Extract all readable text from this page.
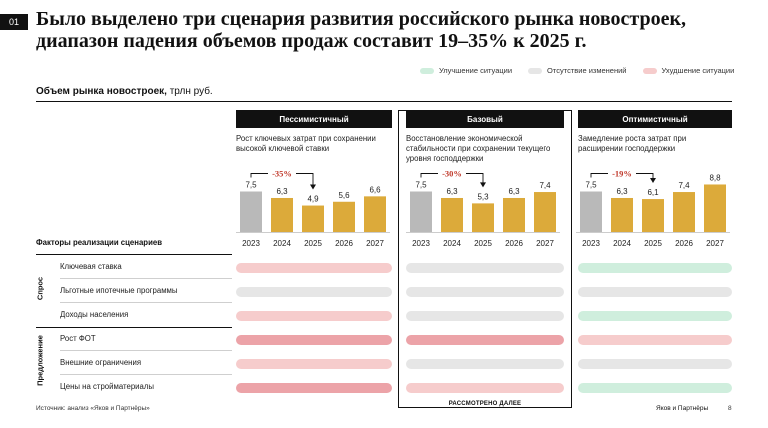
01 Было выделено три сценария развития российского рынка новостроек, диапазон падения объемов продаж составит 19–35% к 2025 г.
Улучшение ситуации	Отсутствие изменений	Ухудшение ситуации
Объем рынка новостроек, трлн руб.
Пессимистичный	Базовый	Оптимистичный
Рост ключевых затрат при сохранении высокой ключевой ставки
Восстановление экономической стабильности при сохранении текущего уровня господдержки
Замедление роста затрат при расширении господдержки
7,5
2023
6,3
2024
4,9
2025
5,6
2026
6,6
2027
-35%
7,5
2023
6,3
2024
5,3
2025
6,3
2026
7,4
2027
-30%
7,5
2023
6,3
2024
6,1
2025
7,4
2026
8,8
2027
-19%
Факторы реализации сценариев
Спрос
Предложение
Ключевая ставка
Льготные ипотечные программы
Доходы населения
Рост ФОТ
Внешние ограничения
Цены на стройматериалы
РАССМОТРЕНО ДАЛЕЕ
Источник: анализ «Яков и Партнёры»	Яков и Партнёры	8
